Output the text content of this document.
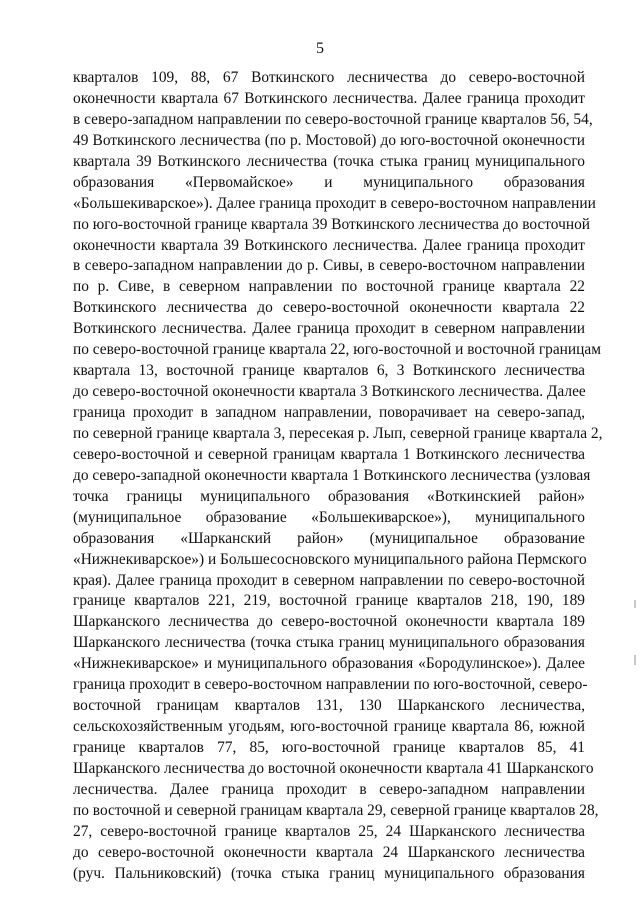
5
кварталов 109, 88, 67 Воткинского лесничества до северо-восточной
оконечности квартала 67 Воткинского лесничества. Далее граница проходит
в северо-западном направлении по северо-восточной границе кварталов 56, 54,
49 Воткинского лесничества (по р. Мостовой) до юго-восточной оконечности
квартала 39 Воткинского лесничества (точка стыка границ муниципального
образования «Первомайское» и муниципального образования
«Большекиварское»). Далее граница проходит в северо-восточном направлении
по юго-восточной границе квартала 39 Воткинского лесничества до восточной
оконечности квартала 39 Воткинского лесничества. Далее граница проходит
в северо-западном направлении до р. Сивы, в северо-восточном направлении
по р. Сиве, в северном направлении по восточной границе квартала 22
Воткинского лесничества до северо-восточной оконечности квартала 22
Воткинского лесничества. Далее граница проходит в северном направлении
по северо-восточной границе квартала 22, юго-восточной и восточной границам
квартала 13, восточной границе кварталов 6, 3 Воткинского лесничества
до северо-восточной оконечности квартала 3 Воткинского лесничества. Далее
граница проходит в западном направлении, поворачивает на северо-запад,
по северной границе квартала 3, пересекая р. Лып, северной границе квартала 2,
северо-восточной и северной границам квартала 1 Воткинского лесничества
до северо-западной оконечности квартала 1 Воткинского лесничества (узловая
точка границы муниципального образования «Воткинскией район»
(муниципальное образование «Большекиварское»), муниципального
образования «Шарканский район» (муниципальное образование
«Нижнекиварское») и Большесосновского муниципального района Пермского
края). Далее граница проходит в северном направлении по северо-восточной
границе кварталов 221, 219, восточной границе кварталов 218, 190, 189
Шарканского лесничества до северо-восточной оконечности квартала 189
Шарканского лесничества (точка стыка границ муниципального образования
«Нижнекиварское» и муниципального образования «Бородулинское»). Далее
граница проходит в северо-восточном направлении по юго-восточной, северо-
восточной границам кварталов 131, 130 Шарканского лесничества,
сельскохозяйственным угодьям, юго-восточной границе квартала 86, южной
границе кварталов 77, 85, юго-восточной границе кварталов 85, 41
Шарканского лесничества до восточной оконечности квартала 41 Шарканского
лесничества. Далее граница проходит в северо-западном направлении
по восточной и северной границам квартала 29, северной границе кварталов 28,
27, северо-восточной границе кварталов 25, 24 Шарканского лесничества
до северо-восточной оконечности квартала 24 Шарканского лесничества
(руч. Пальниковский) (точка стыка границ муниципального образования
